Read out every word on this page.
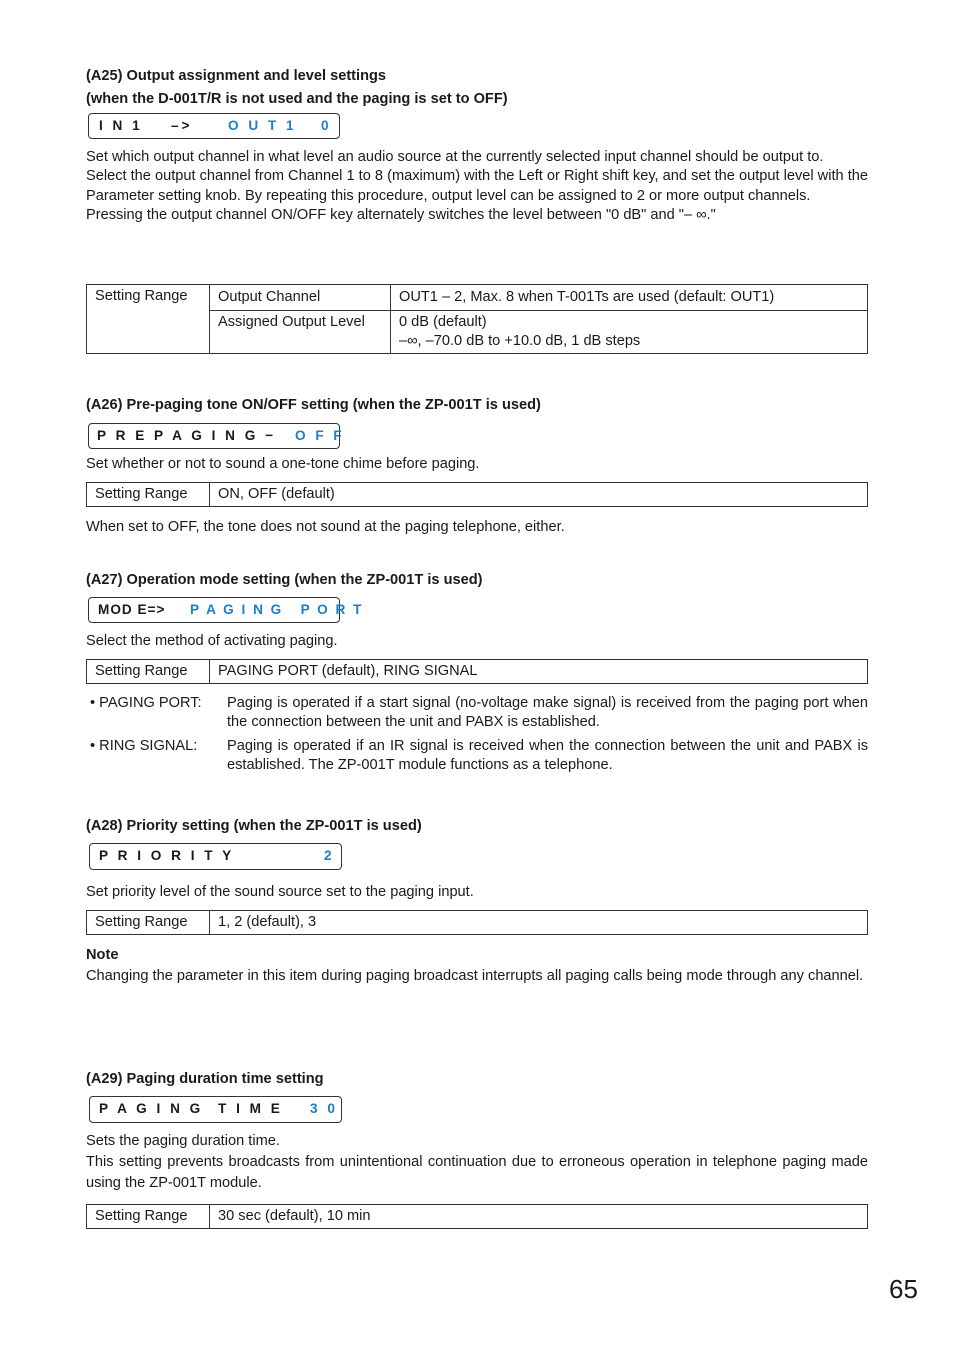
(A25) Output assignment and level settings
(when the D-001T/R is not used and the paging is set to OFF)

I N 1

–>

	O U T 1

0

Set which output channel in what level an audio source at the currently selected input channel should be output to.

Select the output channel from Channel 1 to 8 (maximum) with the Left or Right shift key, and set the output level with the Parameter setting knob. By repeating this procedure, output level can be assigned to 2 or more output channels.

Pressing the output channel ON/OFF key alternately switches the level between "0 dB" and "– ∞."

Setting Range	Output Channel	OUT1 – 2, Max. 8 when T-001Ts are used (default: OUT1)
	Assigned Output Level	0 dB (default)
–∞, –70.0 dB to +10.0 dB, 1 dB steps
(A26) Pre-paging tone ON/OFF setting (when the ZP-001T is used)

P R E P A G I N G −

O F F

Set whether or not to sound a one-tone chime before paging.
Setting Range	ON, OFF (default)
When set to OFF, the tone does not sound at the paging telephone, either.
(A27) Operation mode setting (when the ZP-001T is used)

MOD E=>

P A G I N G   P O R T

Select the method of activating paging.
Setting Range	PAGING PORT (default), RING SIGNAL
• PAGING PORT: Paging is operated if a start signal (no-voltage make signal) is received from the paging port when the connection between the unit and PABX is established.
• RING SIGNAL: Paging is operated if an IR signal is received when the connection between the unit and PABX is established. The ZP-001T module functions as a telephone.
(A28) Priority setting (when the ZP-001T is used)

P R I O R I T Y

	2

Set priority level of the sound source set to the paging input.
Setting Range	1, 2 (default), 3
Note
Changing the parameter in this item during paging broadcast interrupts all paging calls being mode through any channel.
(A29) Paging duration time setting

P A G I N G

T I M E

3 0

Sets the paging duration time.

This setting prevents broadcasts from unintentional continuation due to erroneous operation in telephone paging made using the ZP-001T module.

Setting Range	30 sec (default), 10 min
65
